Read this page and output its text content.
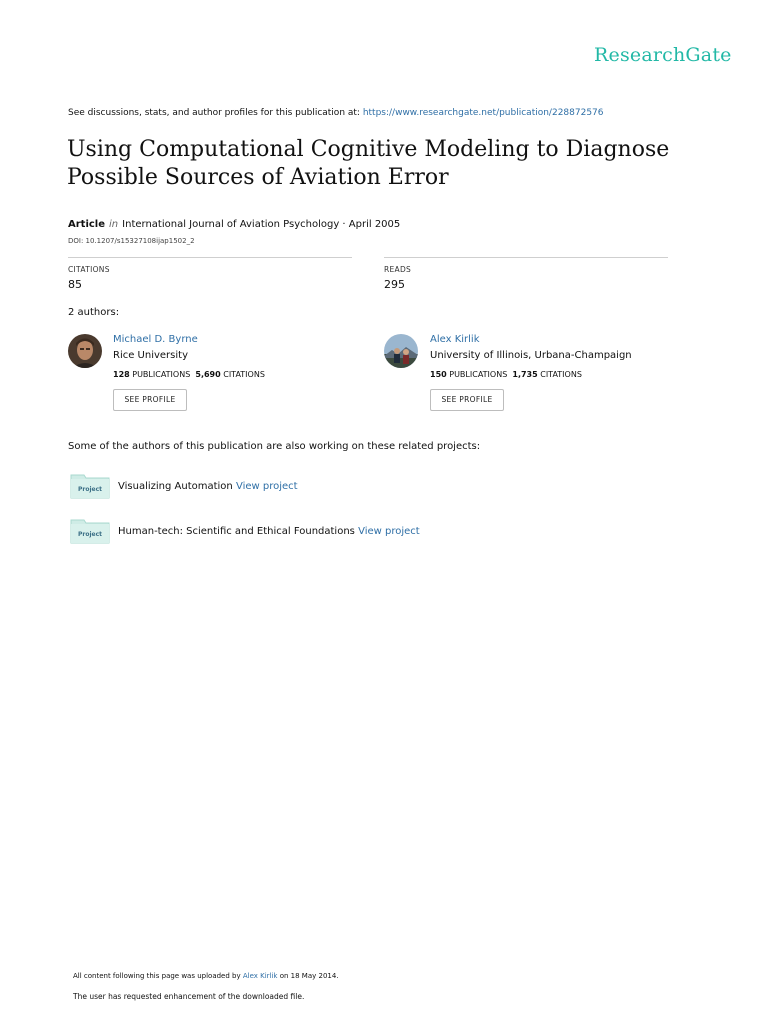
ResearchGate
See discussions, stats, and author profiles for this publication at: https://www.researchgate.net/publication/228872576
Using Computational Cognitive Modeling to Diagnose
Possible Sources of Aviation Error
Article in International Journal of Aviation Psychology · April 2005
DOI: 10.1207/s15327108ijap1502_2
CITATIONS
85
READS
295
2 authors:
Michael D. Byrne
Rice University
128 PUBLICATIONS 5,690 CITATIONS
SEE PROFILE
Alex Kirlik
University of Illinois, Urbana-Champaign
150 PUBLICATIONS 1,735 CITATIONS
SEE PROFILE
Some of the authors of this publication are also working on these related projects:
Project Visualizing Automation View project
Project Human-tech: Scientific and Ethical Foundations View project
All content following this page was uploaded by Alex Kirlik on 18 May 2014.
The user has requested enhancement of the downloaded file.
